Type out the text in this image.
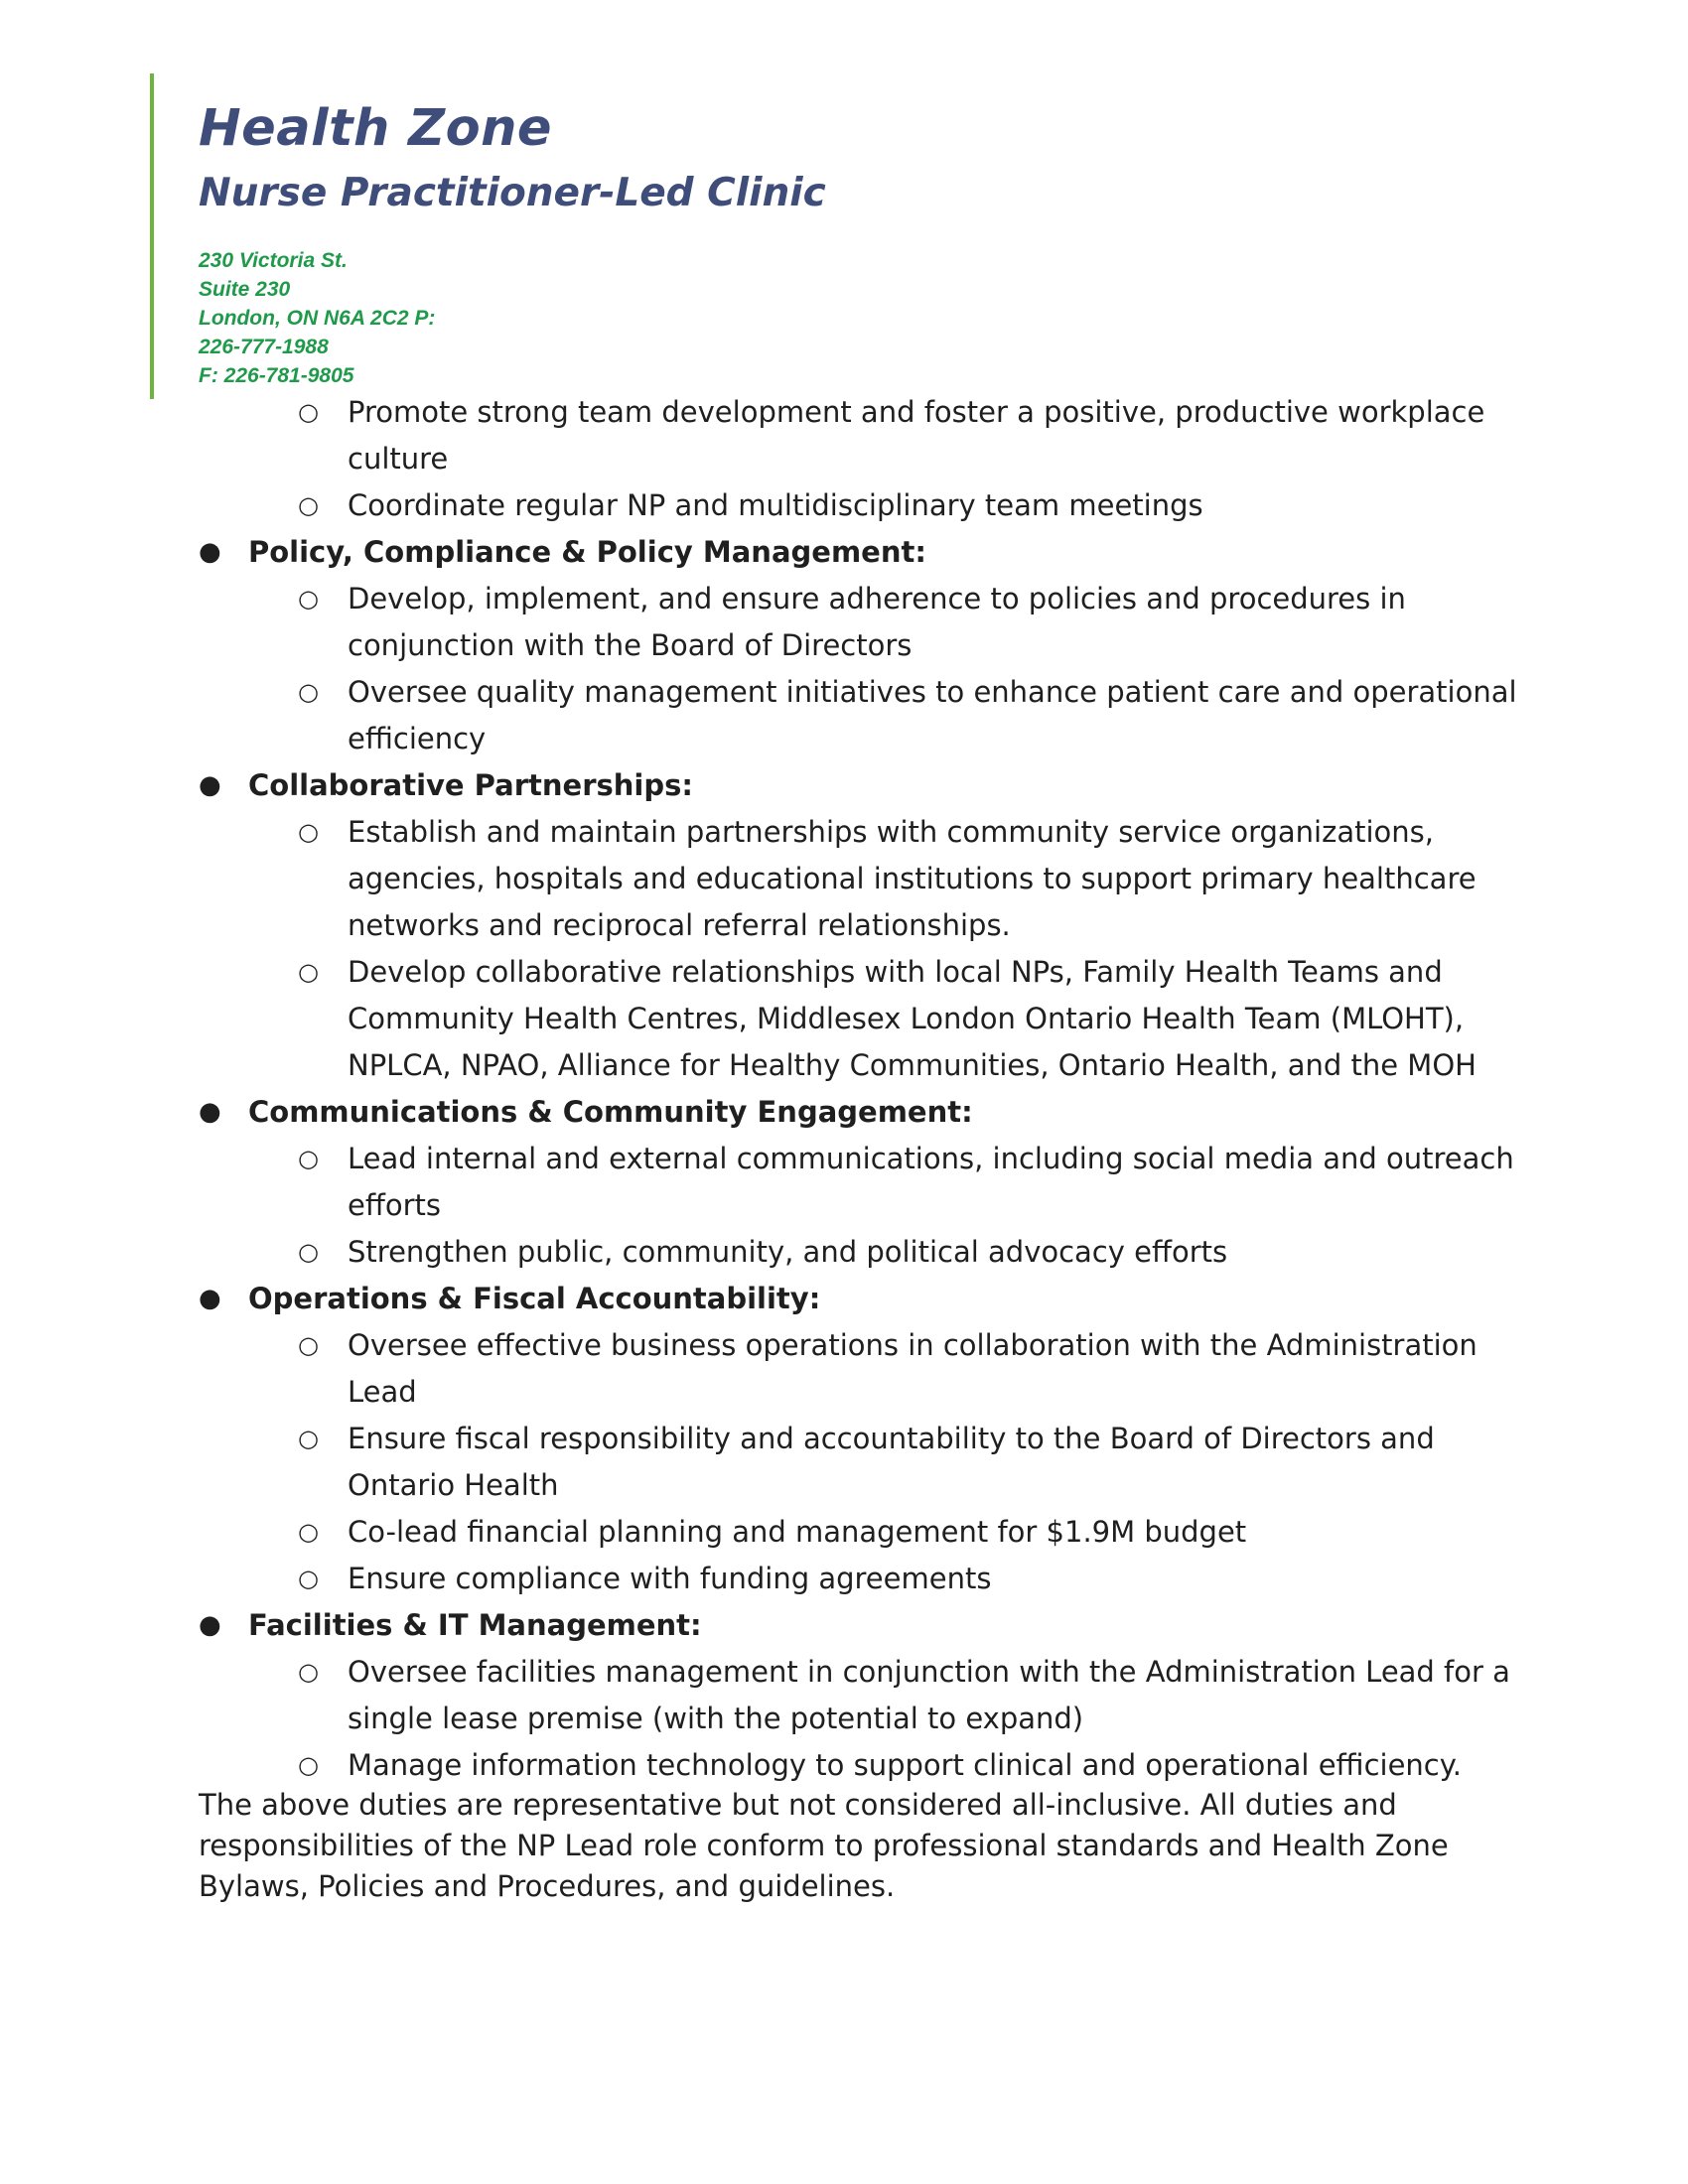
Health Zone
Nurse Practitioner-Led Clinic
230 Victoria St.
Suite 230
London, ON N6A 2C2 P:
226-777-1988
F: 226-781-9805
○ Promote strong team development and foster a positive, productive workplace culture
○ Coordinate regular NP and multidisciplinary team meetings
● Policy, Compliance & Policy Management:
○ Develop, implement, and ensure adherence to policies and procedures in conjunction with the Board of Directors
○ Oversee quality management initiatives to enhance patient care and operational efficiency
● Collaborative Partnerships:
○ Establish and maintain partnerships with community service organizations, agencies, hospitals and educational institutions to support primary healthcare networks and reciprocal referral relationships.
○ Develop collaborative relationships with local NPs, Family Health Teams and Community Health Centres, Middlesex London Ontario Health Team (MLOHT), NPLCA, NPAO, Alliance for Healthy Communities, Ontario Health, and the MOH
● Communications & Community Engagement:
○ Lead internal and external communications, including social media and outreach efforts
○ Strengthen public, community, and political advocacy efforts
● Operations & Fiscal Accountability:
○ Oversee effective business operations in collaboration with the Administration Lead
○ Ensure fiscal responsibility and accountability to the Board of Directors and Ontario Health
○ Co-lead financial planning and management for $1.9M budget
○ Ensure compliance with funding agreements
● Facilities & IT Management:
○ Oversee facilities management in conjunction with the Administration Lead for a single lease premise (with the potential to expand)
○ Manage information technology to support clinical and operational efficiency.
The above duties are representative but not considered all-inclusive. All duties and responsibilities of the NP Lead role conform to professional standards and Health Zone Bylaws, Policies and Procedures, and guidelines.
